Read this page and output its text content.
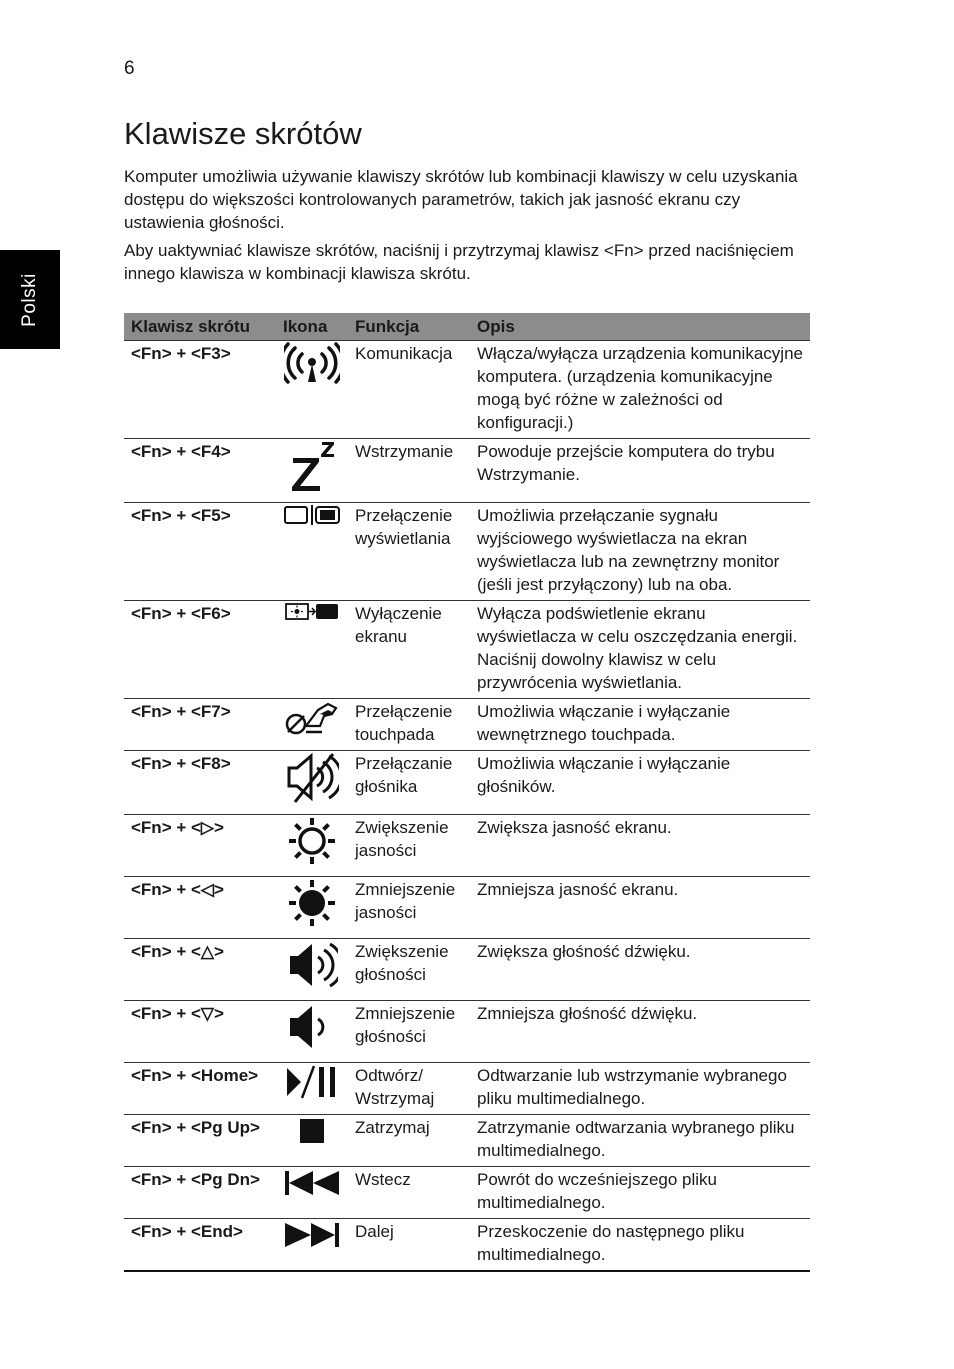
6
Polski
Klawisze skrótów

Komputer umożliwia używanie klawiszy skrótów lub kombinacji klawiszy w celu uzyskania dostępu do większości kontrolowanych parametrów, takich jak jasność ekranu czy ustawienia głośności.

Aby uaktywniać klawisze skrótów, naciśnij i przytrzymaj klawisz <Fn> przed naciśnięciem innego klawisza w kombinacji klawisza skrótu.

Klawisz skrótu	Ikona	Funkcja	Opis
<Fn> + <F3>		Komunikacja	Włącza/wyłącza urządzenia komunikacyjne komputera. (urządzenia komunikacyjne mogą być różne w zależności od konfiguracji.)
<Fn> + <F4>		Wstrzymanie	Powoduje przejście komputera do trybu Wstrzymanie.
<Fn> + <F5>		Przełączenie wyświetlania	Umożliwia przełączanie sygnału wyjściowego wyświetlacza na ekran wyświetlacza lub na zewnętrzny monitor (jeśli jest przyłączony) lub na oba.
<Fn> + <F6>		Wyłączenie ekranu	Wyłącza podświetlenie ekranu wyświetlacza w celu oszczędzania energii. Naciśnij dowolny klawisz w celu przywrócenia wyświetlania.
<Fn> + <F7>		Przełączenie touchpada	Umożliwia włączanie i wyłączanie wewnętrznego touchpada.
<Fn> + <F8>		Przełączanie głośnika	Umożliwia włączanie i wyłączanie głośników.
<Fn> + <▷>		Zwiększenie jasności	Zwiększa jasność ekranu.
<Fn> + <◁>		Zmniejszenie jasności	Zmniejsza jasność ekranu.
<Fn> + <△>		Zwiększenie głośności	Zwiększa głośność dźwięku.
<Fn> + <▽>		Zmniejszenie głośności	Zmniejsza głośność dźwięku.
<Fn> + <Home>		Odtwórz/ Wstrzymaj	Odtwarzanie lub wstrzymanie wybranego pliku multimedialnego.
<Fn> + <Pg Up>		Zatrzymaj	Zatrzymanie odtwarzania wybranego pliku multimedialnego.
<Fn> + <Pg Dn>		Wstecz	Powrót do wcześniejszego pliku multimedialnego.
<Fn> + <End>		Dalej	Przeskoczenie do następnego pliku multimedialnego.
